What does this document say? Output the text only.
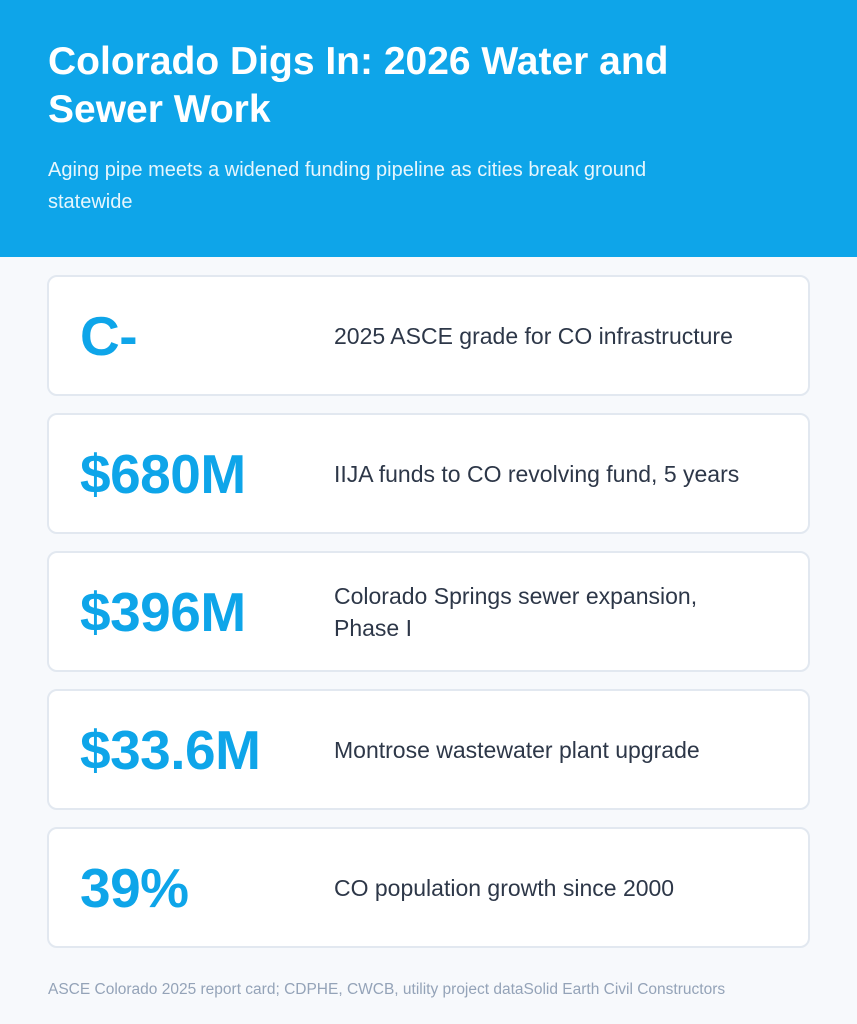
Colorado Digs In: 2026 Water and Sewer Work

Aging pipe meets a widened funding pipeline as cities break ground statewide

C-	2025 ASCE grade for CO infrastructure
$680M	IIJA funds to CO revolving fund, 5 years
$396M	Colorado Springs sewer expansion, Phase I
$33.6M	Montrose wastewater plant upgrade
39%	CO population growth since 2000
ASCE Colorado 2025 report card; CDPHE, CWCB, utility project dataSolid Earth Civil Constructors
